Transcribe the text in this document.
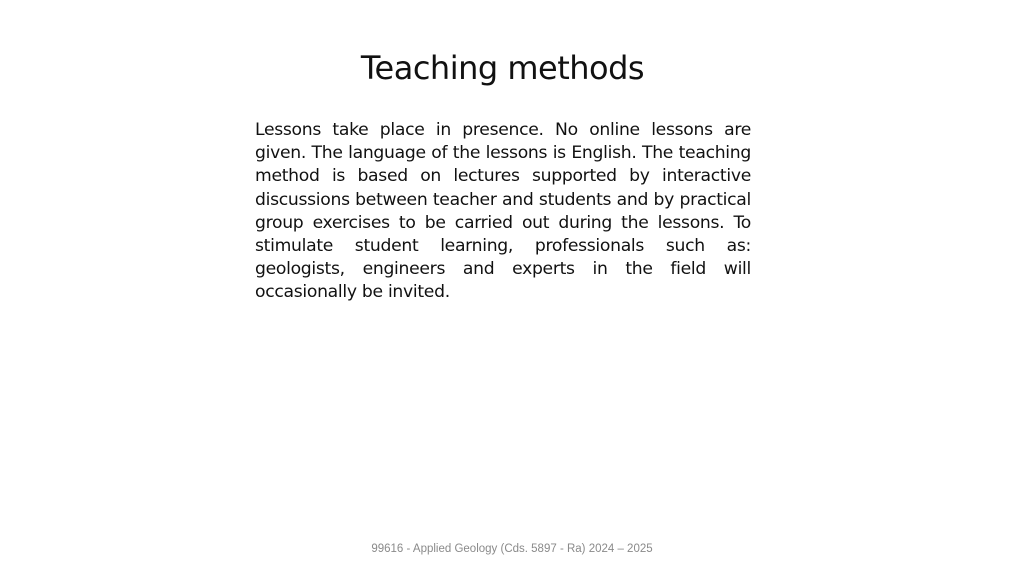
Teaching methods

Lessons take place in presence. No online lessons are given. The language of the lessons is English. The teaching method is based on lectures supported by interactive discussions between teacher and students and by practical group exercises to be carried out during the lessons. To stimulate student learning, professionals such as: geologists, engineers and experts in the field will occasionally be invited.

99616 - Applied Geology (Cds. 5897 - Ra) 2024 – 2025
